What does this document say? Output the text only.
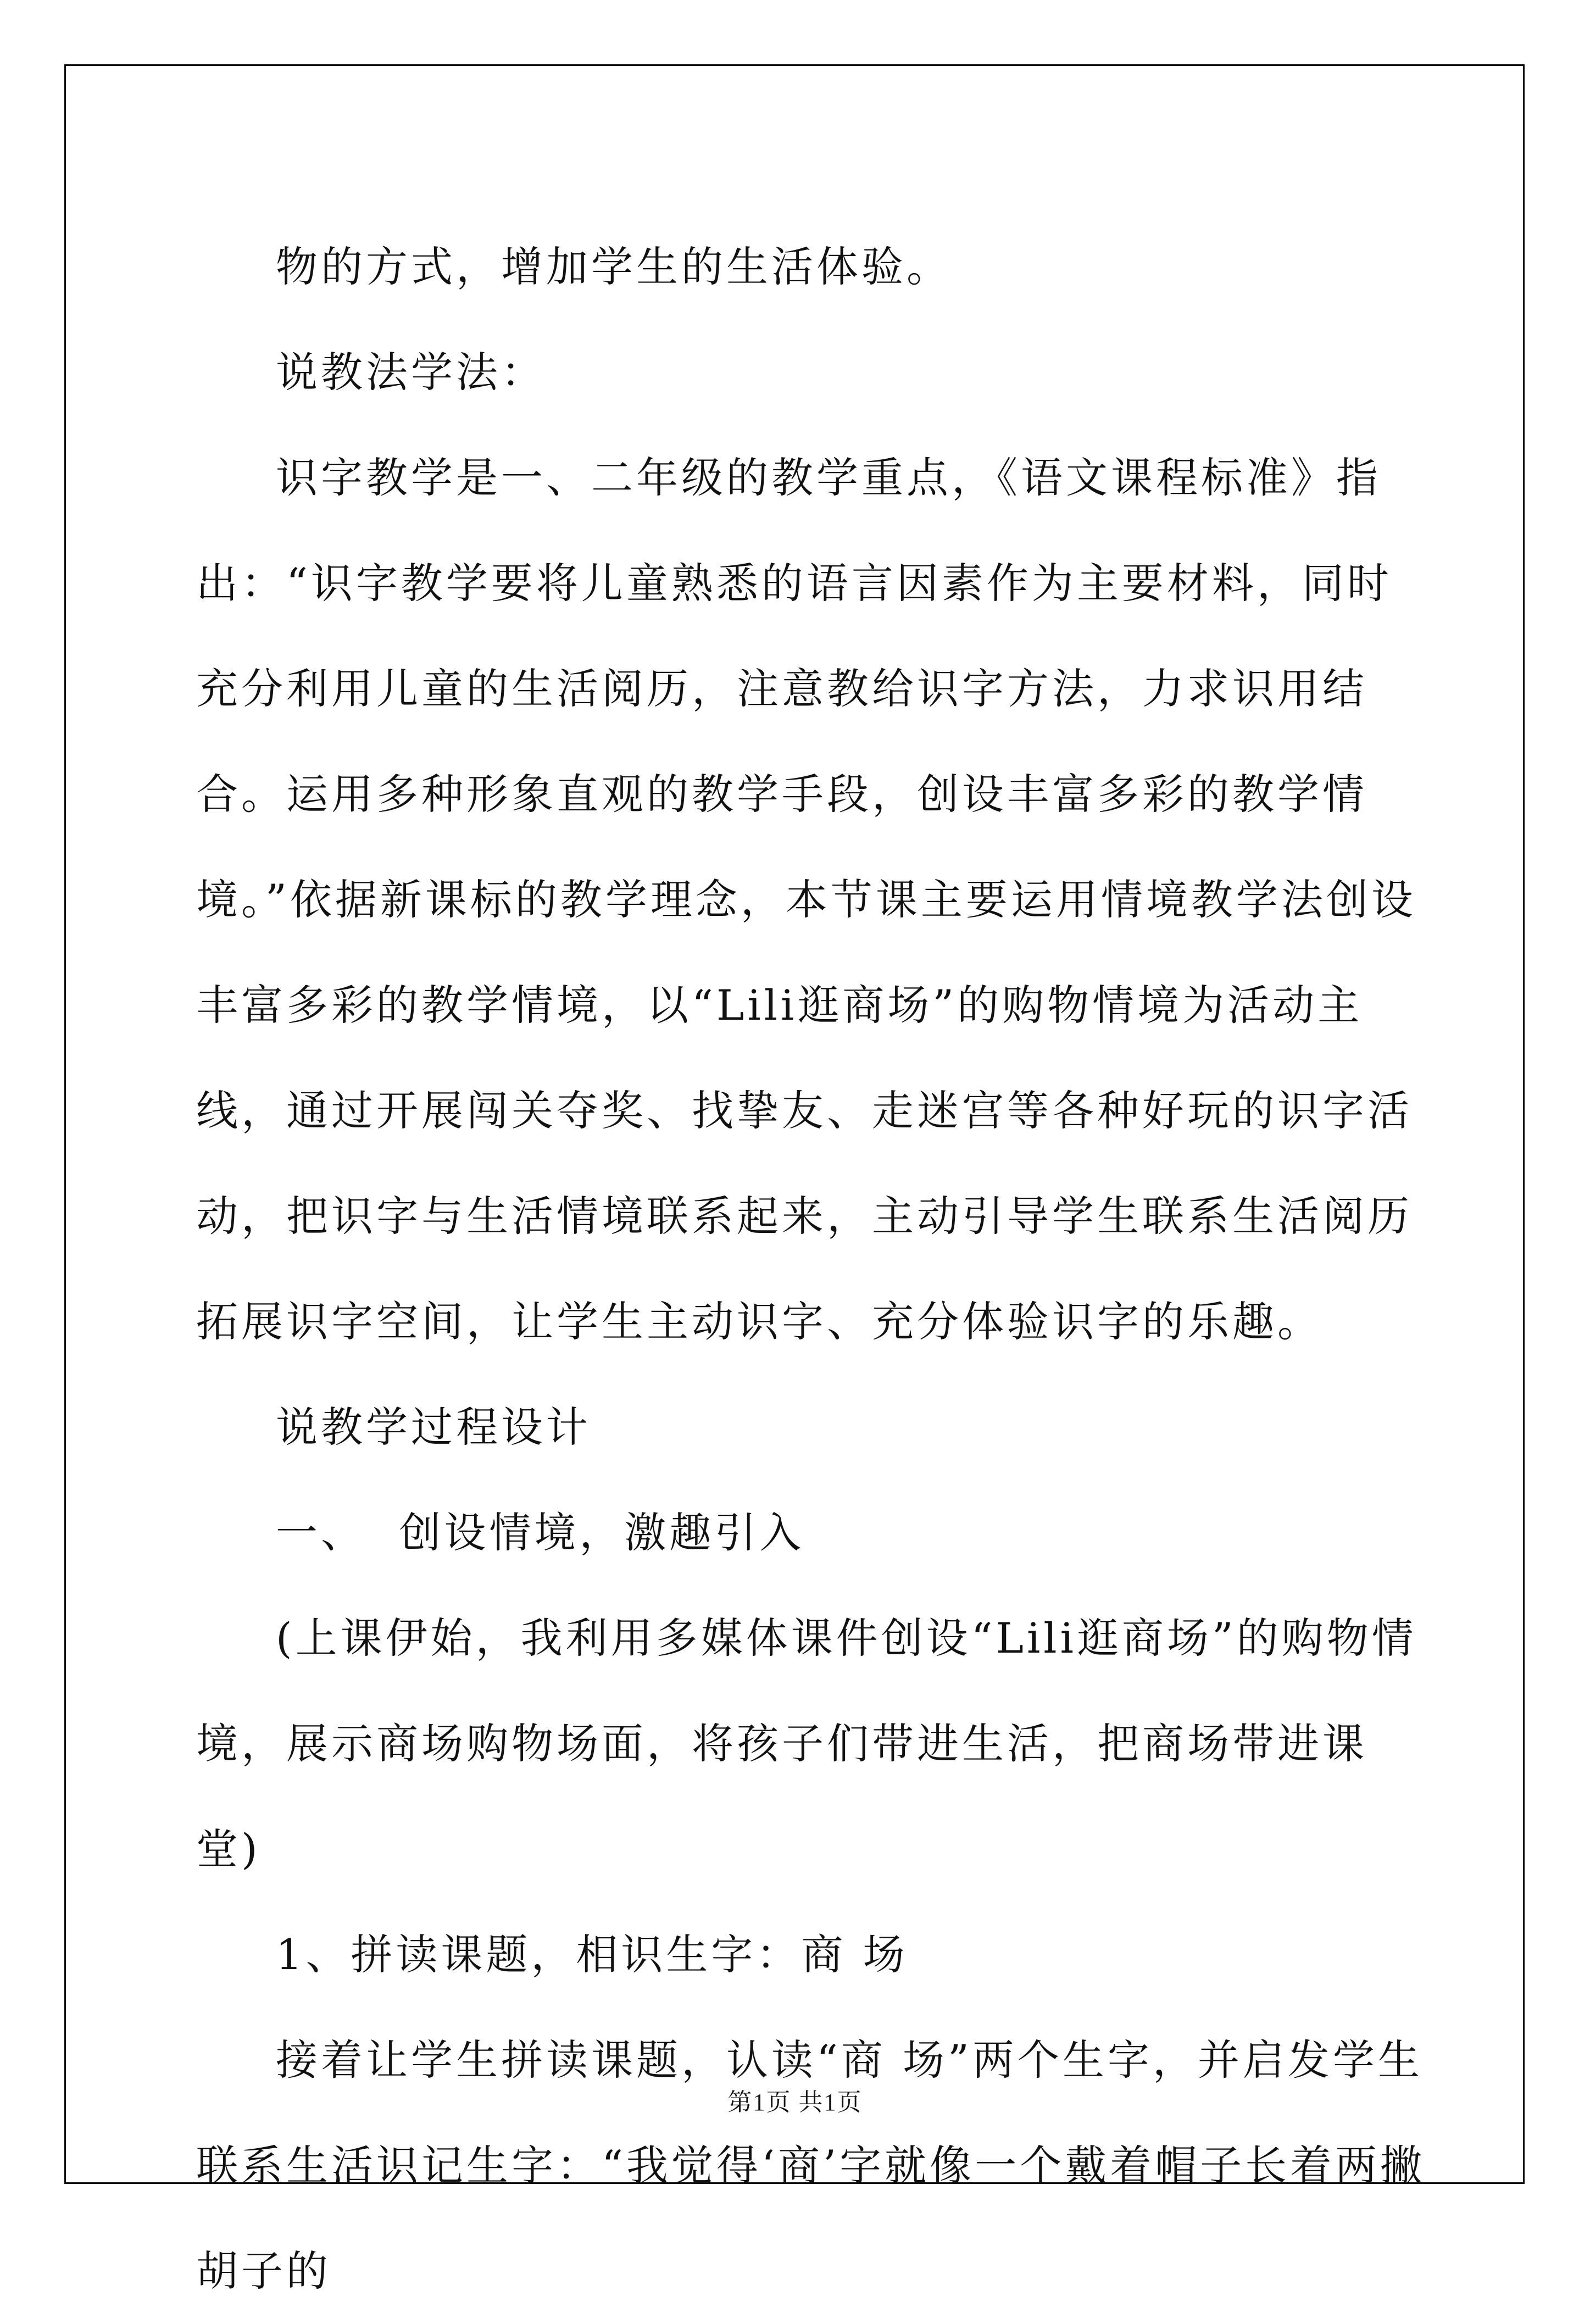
物的方式，增加学生的生活体验。

说教法学法：

识字教学是一、二年级的教学重点，《语文课程标准》指出：“识字教学要将儿童熟悉的语言因素作为主要材料，同时充分利用儿童的生活阅历，注意教给识字方法，力求识用结合。运用多种形象直观的教学手段，创设丰富多彩的教学情境。”依据新课标的教学理念，本节课主要运用情境教学法创设丰富多彩的教学情境，以“Lili逛商场”的购物情境为活动主线，通过开展闯关夺奖、找挚友、走迷宫等各种好玩的识字活动，把识字与生活情境联系起来，主动引导学生联系生活阅历拓展识字空间，让学生主动识字、充分体验识字的乐趣。

说教学过程设计

一、  创设情境，激趣引入

(上课伊始，我利用多媒体课件创设“Lili逛商场”的购物情境，展示商场购物场面，将孩子们带进生活，把商场带进课堂)

1、拼读课题，相识生字：商 场

接着让学生拼读课题，认读“商 场”两个生字，并启发学生联系生活识记生字：“我觉得‘商’字就像一个戴着帽子长着两撇胡子的

第1页 共1页
